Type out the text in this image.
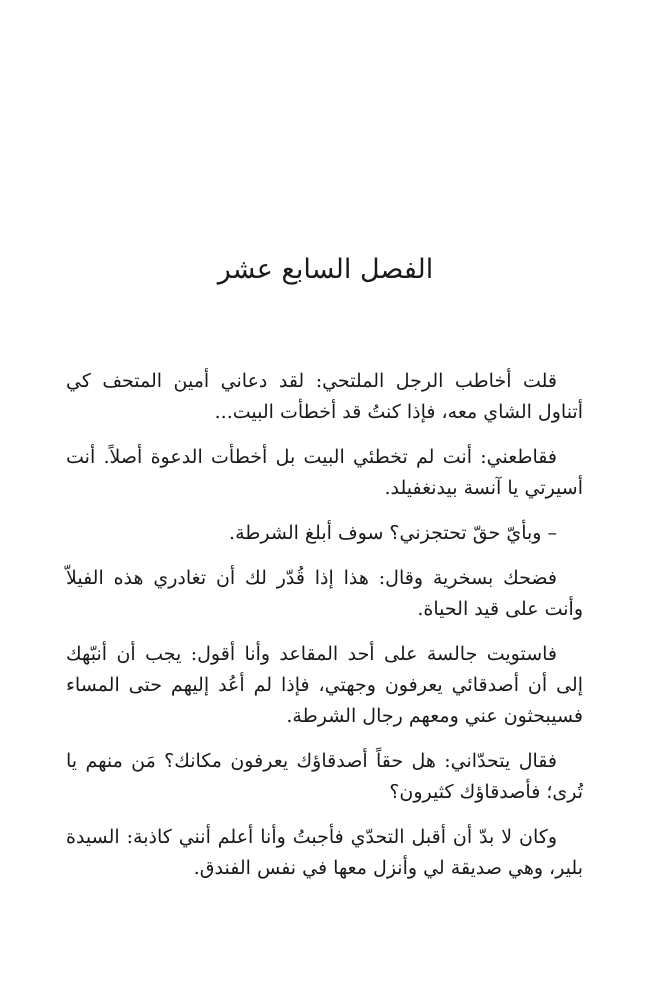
الفصل السابع عشر

قلت أخاطب الرجل الملتحي: لقد دعاني أمين المتحف كي أتناول الشاي معه، فإذا كنتُ قد أخطأت البيت...

فقاطعني: أنت لم تخطئي البيت بل أخطأت الدعوة أصلاً. أنت أسيرتي يا آنسة بيدنغفيلد.

– وبأيّ حقّ تحتجزني؟ سوف أبلغ الشرطة.

فضحك بسخرية وقال: هذا إذا قُدّر لك أن تغادري هذه الفيلاّ وأنت على قيد الحياة.

فاستويت جالسة على أحد المقاعد وأنا أقول: يجب أن أنبّهك إلى أن أصدقائي يعرفون وجهتي، فإذا لم أعُد إليهم حتى المساء فسيبحثون عني ومعهم رجال الشرطة.

فقال يتحدّاني: هل حقاً أصدقاؤك يعرفون مكانك؟ مَن منهم يا تُرى؛ فأصدقاؤك كثيرون؟

وكان لا بدّ أن أقبل التحدّي فأجبتُ وأنا أعلم أنني كاذبة: السيدة بلير، وهي صديقة لي وأنزل معها في نفس الفندق.
